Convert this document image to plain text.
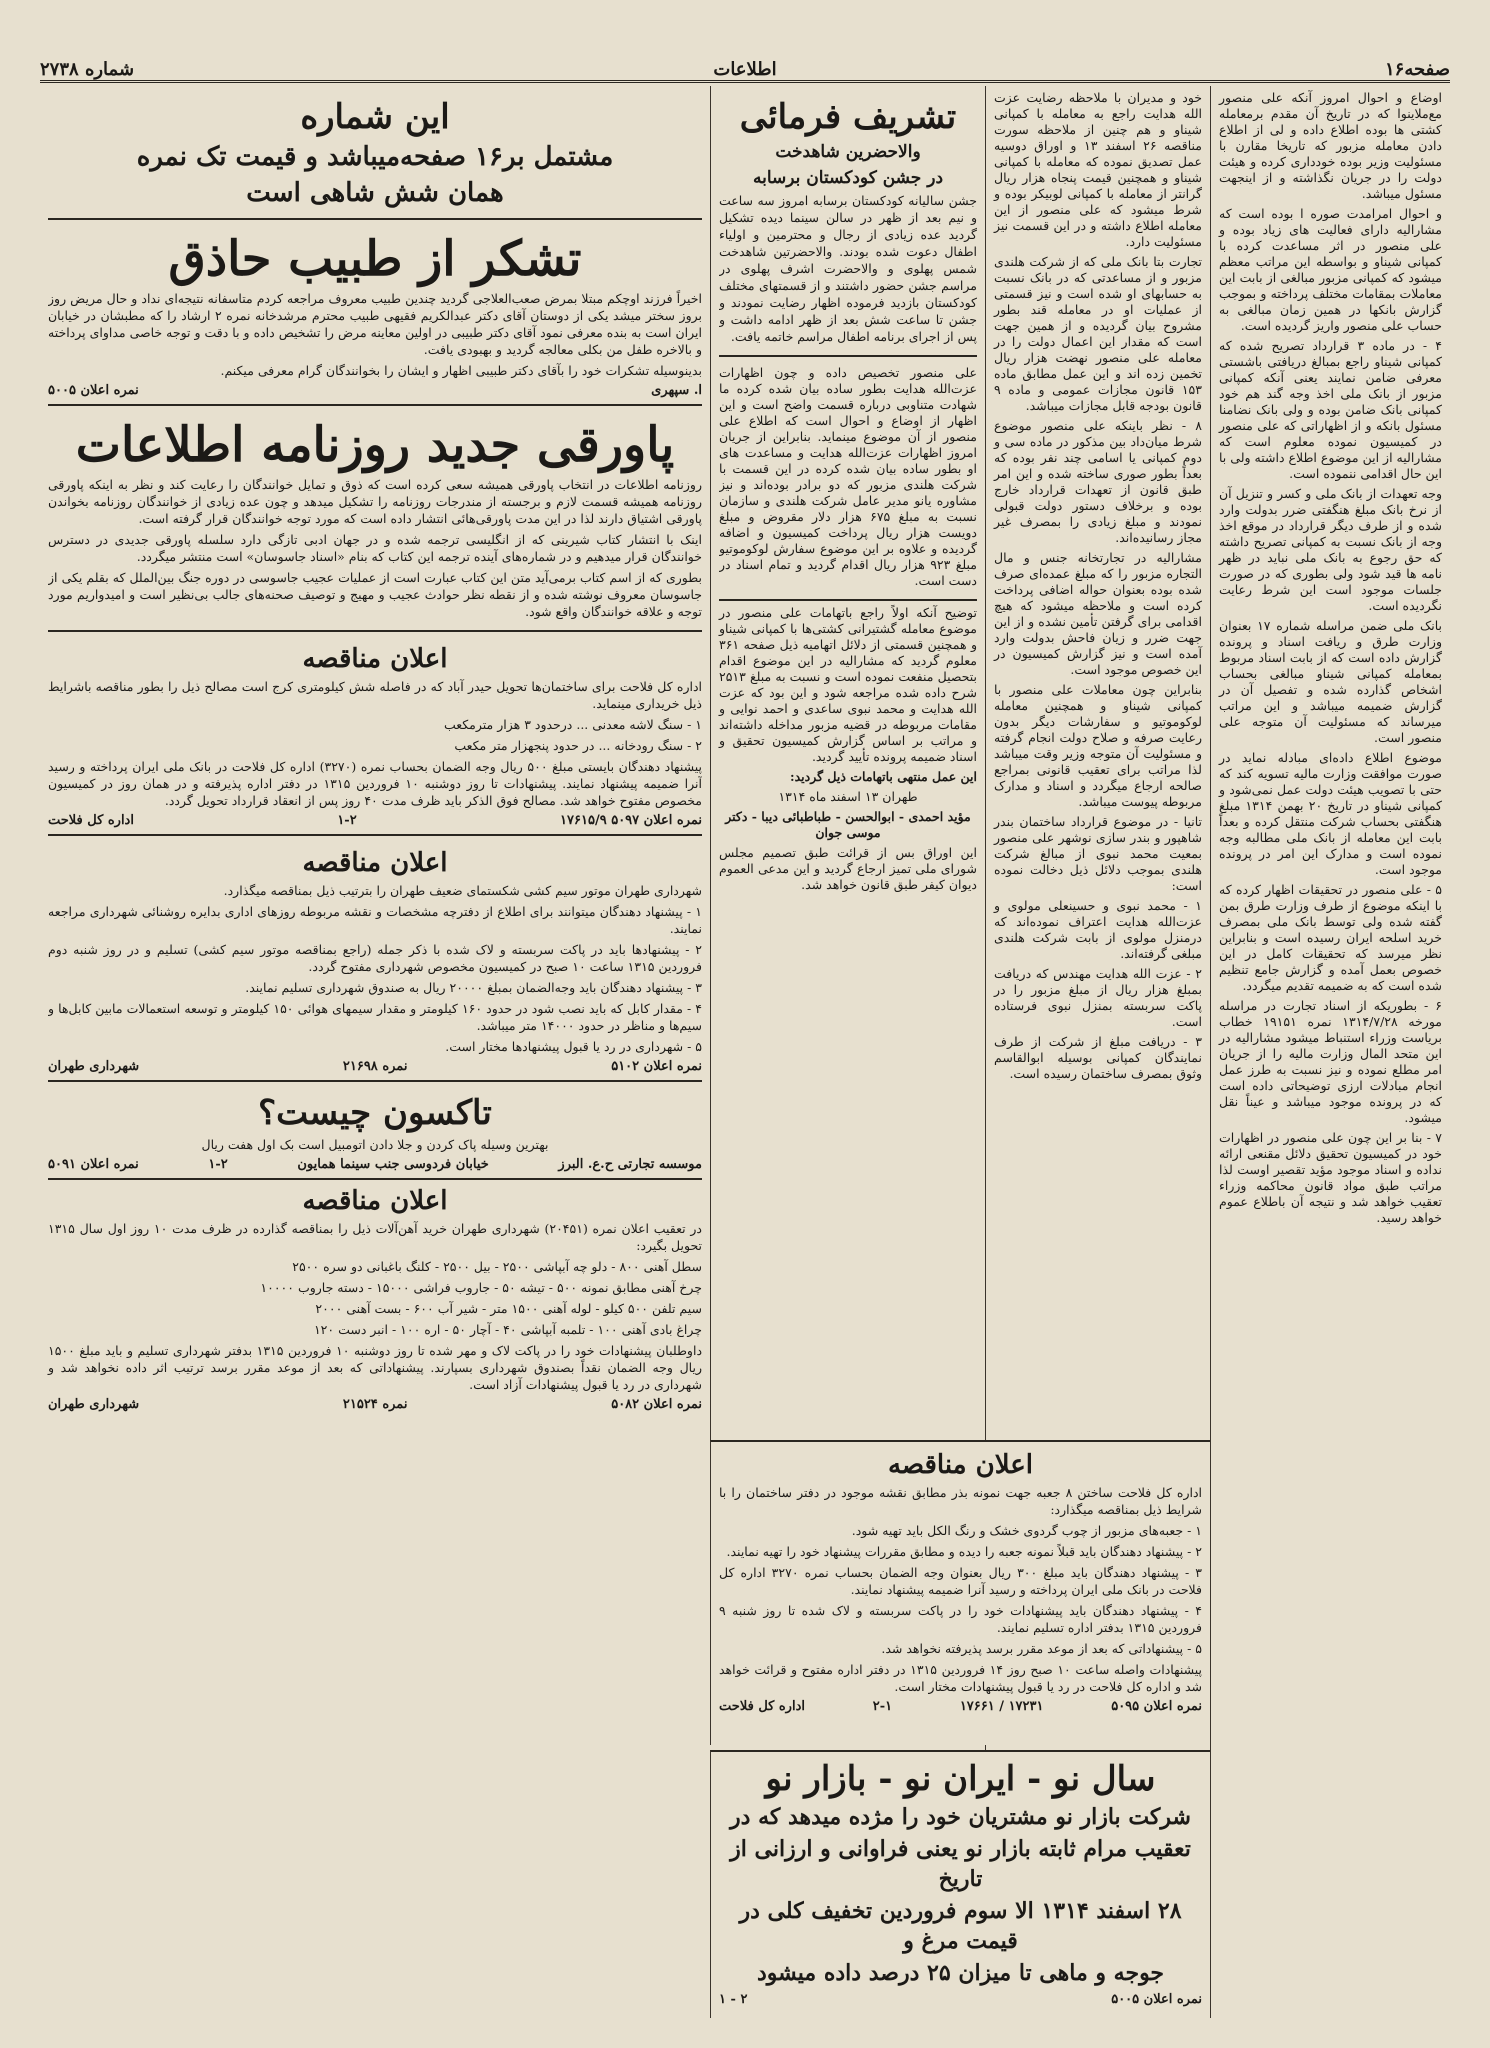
صفحه۱۶
اطلاعات
شماره ۲۷۳۸

اوضاع و احوال امروز آنکه علی منصور مع‌ملاینوا که در تاریخ آن مقدم برمعامله کشتی ها بوده اطلاع داده و لی از اطلاع دادن معامله مزبور که تاریخا مقارن با مسئولیت وزیر بوده خودداری کرده و هیئت دولت را در جریان نگذاشته و از اینجهت مسئول میباشد.

و احوال امرامدت صوره ا بوده است که مشارالیه دارای فعالیت های زیاد بوده و علی منصور در اثر مساعدت کرده با کمپانی شیناو و بواسطه این مراتب معظم میشود که کمپانی مزبور مبالغی از بابت این معاملات بمقامات مختلف پرداخته و بموجب گزارش بانکها در همین زمان مبالغی به حساب علی منصور واریز گردیده است.

۴ - در ماده ۳ قرارداد تصریح شده که کمپانی شیناو راجع بمبالغ دریافتی باشستی معرفی ضامن نمایند یعنی آنکه کمپانی مزبور از بانک ملی اخذ وجه گند هم خود کمپانی بانک ضامن بوده و ولی بانک نضامنا مسئول بانکه و از اظهاراتی که علی منصور در کمیسیون نموده معلوم است که مشارالیه از این موضوع اطلاع داشته ولی با این حال اقدامی ننموده است.

وجه تعهدات از بانک ملی و کسر و تنزیل آن از نرخ بانک مبلغ هنگفتی ضرر بدولت وارد شده و از طرف دیگر قرارداد در موقع اخذ وجه از بانک نسبت به کمپانی تصریح داشته که حق رجوع به بانک ملی نباید در ظهر نامه ها قید شود ولی بطوری که در صورت جلسات موجود است این شرط رعایت نگردیده است.

بانک ملی ضمن مراسله شماره ۱۷ بعنوان وزارت طرق و ریافت اسناد و پرونده گزارش داده است که از بابت اسناد مربوط بمعامله کمپانی شیناو مبالغی بحساب اشخاص گذارده شده و تفصیل آن در گزارش ضمیمه میباشد و این مراتب میرساند که مسئولیت آن متوجه علی منصور است.

موضوع اطلاع داده‌ای مبادله نماید در صورت موافقت وزارت مالیه تسویه کند که حتی با تصویب هیئت دولت عمل نمی‌شود و کمپانی شیناو در تاریخ ۲۰ بهمن ۱۳۱۴ مبلغ هنگفتی بحساب شرکت منتقل کرده و بعداً بابت این معامله از بانک ملی مطالبه وجه نموده است و مدارک این امر در پرونده موجود است.

۵ - علی منصور در تحقیقات اظهار کرده که با اینکه موضوع از طرف وزارت طرق بمن گفته شده ولی توسط بانک ملی بمصرف خرید اسلحه ایران رسیده است و بنابراین نظر میرسد که تحقیقات کامل در این خصوص بعمل آمده و گزارش جامع تنظیم شده است که به ضمیمه تقدیم میگردد.

۶ - بطوریکه از اسناد تجارت در مراسله مورخه ۱۳۱۴/۷/۲۸ نمره ۱۹۱۵۱ خطاب بریاست وزراء استنباط میشود مشارالیه در این متحد المال وزارت مالیه را از جریان امر مطلع نموده و نیز نسبت به طرز عمل انجام مبادلات ارزی توضیحاتی داده است که در پرونده موجود میباشد و عیناً نقل میشود.

۷ - بنا بر این چون علی منصور در اظهارات خود در کمیسیون تحقیق دلائل مقنعی ارائه نداده و اسناد موجود مؤید تقصیر اوست لذا مراتب طبق مواد قانون محاکمه وزراء تعقیب خواهد شد و نتیجه آن باطلاع عموم خواهد رسید.

خود و مدیران با ملاحظه رضایت عزت الله هدایت راجع به معامله با کمپانی شیناو و هم چنین از ملاحظه سورت مناقصه ۲۶ اسفند ۱۳ و اوراق دوسیه عمل تصدیق نموده که معامله با کمپانی شیناو و همچنین قیمت پنجاه هزار ریال گرانتر از معامله با کمپانی لوبیکر بوده و شرط میشود که علی منصور از این معامله اطلاع داشته و در این قسمت نیز مسئولیت دارد.

تجارت بتا بانک ملی که از شرکت هلندی مزبور و از مساعدتی که در بانک نسبت به حسابهای او شده است و نیز قسمتی از عملیات او در معامله قند بطور مشروح بیان گردیده و از همین جهت است که مقدار این اعمال دولت را در معامله علی منصور نهضت هزار ریال تخمین زده اند و این عمل مطابق ماده ۱۵۳ قانون مجازات عمومی و ماده ۹ قانون بودجه قابل مجازات میباشد.

۸ - نظر باینکه علی منصور موضوع شرط میان‌داد بین مذکور در ماده سی و دوم کمپانی یا اسامی چند نفر بوده که بعداً بطور صوری ساخته شده و این امر طبق قانون از تعهدات قرارداد خارج بوده و برخلاف دستور دولت قبولی نمودند و مبلغ زیادی را بمصرف غیر مجاز رسانیده‌اند.

مشارالیه در تجارتخانه جنس و مال التجاره مزبور را که مبلغ عمده‌ای صرف شده بوده بعنوان حواله اضافی پرداخت کرده است و ملاحظه میشود که هیچ اقدامی برای گرفتن تأمین نشده و از این جهت ضرر و زیان فاحش بدولت وارد آمده است و نیز گزارش کمیسیون در این خصوص موجود است.

بنابراین چون معاملات علی منصور با کمپانی شیناو و همچنین معامله لوکوموتیو و سفارشات دیگر بدون رعایت صرفه و صلاح دولت انجام گرفته و مسئولیت آن متوجه وزیر وقت میباشد لذا مراتب برای تعقیب قانونی بمراجع صالحه ارجاع میگردد و اسناد و مدارک مربوطه پیوست میباشد.

تانیا - در موضوع قرارداد ساختمان بندر شاهپور و بندر سازی نوشهر علی منصور بمعیت محمد نبوی از مبالغ شرکت هلندی بموجب دلائل ذیل دخالت نموده است:

۱ - محمد نبوی و حسینعلی مولوی و عزت‌الله هدایت اعتراف نموده‌اند که درمنزل مولوی از بابت شرکت هلندی مبلغی گرفته‌اند.

۲ - عزت الله هدایت مهندس که دریافت بمبلغ هزار ریال از مبلغ مزبور را در پاکت سربسته بمنزل نبوی فرستاده است.

۳ - دریافت مبلغ از شرکت از طرف نمایندگان کمپانی بوسیله ابوالقاسم وثوق بمصرف ساختمان رسیده است.

تشریف فرمائی
والاحضرین شاهدخت
در جشن کودکستان برسابه

جشن سالیانه کودکستان برسابه امروز سه ساعت و نیم بعد از ظهر در سالن سینما دیده تشکیل گردید عده زیادی از رجال و محترمین و اولیاء اطفال دعوت شده بودند. والاحضرتین شاهدخت شمس پهلوی و والاحضرت اشرف پهلوی در مراسم جشن حضور داشتند و از قسمتهای مختلف کودکستان بازدید فرموده اظهار رضایت نمودند و جشن تا ساعت شش بعد از ظهر ادامه داشت و پس از اجرای برنامه اطفال مراسم خاتمه یافت.

علی منصور تخصیص داده و چون اظهارات عزت‌الله هدایت بطور ساده بیان شده کرده ما شهادت متناوبی درباره قسمت واضح است و این اظهار از اوضاع و احوال است که اطلاع علی منصور از آن موضوع مینماید. بنابراین از جریان امروز اظهارات عزت‌الله هدایت و مساعدت های او بطور ساده بیان شده کرده در این قسمت با شرکت هلندی مزبور که دو برادر بوده‌اند و نیز مشاوره یانو مدیر عامل شرکت هلندی و سازمان نسبت به مبلغ ۶۷۵ هزار دلار مقروض و مبلغ دویست هزار ریال پرداخت کمیسیون و اضافه گردیده و علاوه بر این موضوع سفارش لوکوموتیو مبلغ ۹۲۳ هزار ریال اقدام گردید و تمام اسناد در دست است.

توضیح آنکه اولاً راجع باتهامات علی منصور در موضوع معامله گشتیرانی کشتی‌ها با کمپانی شیناو و همچنین قسمتی از دلائل اتهامیه ذیل صفحه ۳۶۱ معلوم گردید که مشارالیه در این موضوع اقدام بتحصیل منفعت نموده است و نسبت به مبلغ ۲۵۱۳ شرح داده شده مراجعه شود و این بود که عزت الله هدایت و محمد نبوی ساعدی و احمد نوایی و مقامات مربوطه در قضیه مزبور مداخله داشته‌اند و مراتب بر اساس گزارش کمیسیون تحقیق و اسناد ضمیمه پرونده تأیید گردید.

این عمل منتهی باتهامات ذیل گردید:

طهران ۱۳ اسفند ماه ۱۳۱۴

مؤید احمدی - ابوالحسن - طباطبائی دیبا - دکتر موسی جوان

این اوراق بس از قرائت طبق تصمیم مجلس شورای ملی تمیز ارجاع گردید و این مدعی العموم دیوان کیفر طبق قانون خواهد شد.

اعلان مناقصه

اداره کل فلاحت ساختن ۸ جعبه جهت نمونه بذر مطابق نقشه موجود در دفتر ساختمان را با شرایط ذیل بمناقصه میگذارد:

۱ - جعبه‌های مزبور از چوب گردوی خشک و رنگ الکل باید تهیه شود.

۲ - پیشنهاد دهندگان باید قبلاً نمونه جعبه را دیده و مطابق مقررات پیشنهاد خود را تهیه نمایند.

۳ - پیشنهاد دهندگان باید مبلغ ۳۰۰ ریال بعنوان وجه الضمان بحساب نمره ۳۲۷۰ اداره کل فلاحت در بانک ملی ایران پرداخته و رسید آنرا ضمیمه پیشنهاد نمایند.

۴ - پیشنهاد دهندگان باید پیشنهادات خود را در پاکت سربسته و لاک شده تا روز شنبه ۹ فروردین ۱۳۱۵ بدفتر اداره تسلیم نمایند.

۵ - پیشنهاداتی که بعد از موعد مقرر برسد پذیرفته نخواهد شد.

پیشنهادات واصله ساعت ۱۰ صبح روز ۱۴ فروردین ۱۳۱۵ در دفتر اداره مفتوح و قرائت خواهد شد و اداره کل فلاحت در رد یا قبول پیشنهادات مختار است.

نمره اعلان ۵۰۹۵
۱۷۲۳۱ / ۱۷۶۶۱
۲-۱
اداره کل فلاحت
سال نو - ایران نو - بازار نو
شرکت بازار نو مشتریان خود را مژده میدهد که در
تعقیب مرام ثابته بازار نو یعنی فراوانی و ارزانی از تاریخ
۲۸ اسفند ۱۳۱۴ الا سوم فروردین تخفیف کلی در قیمت مرغ و
جوجه و ماهی تا میزان ۲۵ درصد داده میشود
نمره اعلان ۵۰۰۵
۲ - ۱
این شماره
مشتمل بر۱۶ صفحه‌میباشد و قیمت تک نمره
همان شش شاهی است
تشکر از طبیب حاذق

اخیراً فرزند اوچکم مبتلا بمرض صعب‌العلاجی گردید چندین طبیب معروف مراجعه کردم متاسفانه نتیجه‌ای نداد و حال مریض روز بروز سختر میشد یکی از دوستان آقای دکتر عبدالکریم فقیهی طبیب محترم مرشدخانه نمره ۲ ارشاد را که مطبشان در خیابان ایران است به بنده معرفی نمود آقای دکتر طبیبی در اولین معاینه مرض را تشخیص داده و با دقت و توجه خاصی مداوای پرداخته و بالاخره طفل من بکلی معالجه گردید و بهبودی یافت.

بدینوسیله تشکرات خود را بآقای دکتر طبیبی اظهار و ایشان را بخوانندگان گرام معرفی میکنم.

ا. سپهری
نمره اعلان ۵۰۰۵
پاورقی جدید روزنامه اطلاعات

روزنامه اطلاعات در انتخاب پاورقی همیشه سعی کرده است که ذوق و تمایل خوانندگان را رعایت کند و نظر به اینکه پاورقی روزنامه همیشه قسمت لازم و برجسته از مندرجات روزنامه را تشکیل میدهد و چون عده زیادی از خوانندگان روزنامه بخواندن پاورقی اشتیاق دارند لذا در این مدت پاورقی‌هائی انتشار داده است که مورد توجه خوانندگان قرار گرفته است.

اینک با انتشار کتاب شیرینی که از انگلیسی ترجمه شده و در جهان ادبی تازگی دارد سلسله پاورقی جدیدی در دسترس خوانندگان قرار میدهیم و در شماره‌های آینده ترجمه این کتاب که بنام «اسناد جاسوسان» است منتشر میگردد.

بطوری که از اسم کتاب برمی‌آید متن این کتاب عبارت است از عملیات عجیب جاسوسی در دوره جنگ بین‌الملل که بقلم یکی از جاسوسان معروف نوشته شده و از نقطه نظر حوادث عجیب و مهیج و توصیف صحنه‌های جالب بی‌نظیر است و امیدواریم مورد توجه و علاقه خوانندگان واقع شود.

اعلان مناقصه

اداره کل فلاحت برای ساختمان‌ها تحویل حیدر آباد که در فاصله شش کیلومتری کرج است مصالح ذیل را بطور مناقصه باشرایط ذیل خریداری مینماید.

۱ - سنگ لاشه معدنی ... درحدود ۳ هزار مترمکعب

۲ - سنگ رودخانه ... در حدود پنجهزار متر مکعب

پیشنهاد دهندگان بایستی مبلغ ۵۰۰ ریال وجه الضمان بحساب نمره (۳۲۷۰) اداره کل فلاحت در بانک ملی ایران پرداخته و رسید آنرا ضمیمه پیشنهاد نمایند. پیشنهادات تا روز دوشنبه ۱۰ فروردین ۱۳۱۵ در دفتر اداره پذیرفته و در همان روز در کمیسیون مخصوص مفتوح خواهد شد. مصالح فوق الذکر باید ظرف مدت ۴۰ روز پس از انعقاد قرارداد تحویل گردد.

نمره اعلان ۵۰۹۷ ۱۷۶۱۵/۹
۱-۲
اداره کل فلاحت
اعلان مناقصه

شهرداری طهران موتور سیم کشی شکستمای ضعیف طهران را بترتیب ذیل بمناقصه میگذارد.

۱ - پیشنهاد دهندگان میتوانند برای اطلاع از دفترچه مشخصات و نقشه مربوطه روزهای اداری بدایره روشنائی شهرداری مراجعه نمایند.

۲ - پیشنهادها باید در پاکت سربسته و لاک شده با ذکر جمله (راجع بمناقصه موتور سیم کشی) تسلیم و در روز شنبه دوم فروردین ۱۳۱۵ ساعت ۱۰ صبح در کمیسیون مخصوص شهرداری مفتوح گردد.

۳ - پیشنهاد دهندگان باید وجه‌الضمان بمبلغ ۲۰۰۰۰ ریال به صندوق شهرداری تسلیم نمایند.

۴ - مقدار کابل که باید نصب شود در حدود ۱۶۰ کیلومتر و مقدار سیمهای هوائی ۱۵۰ کیلومتر و توسعه استعمالات مابین کابل‌ها و سیم‌ها و مناظر در حدود ۱۴۰۰۰ متر میباشد.

۵ - شهرداری در رد یا قبول پیشنهادها مختار است.

نمره اعلان ۵۱۰۲
نمره ۲۱۶۹۸
شهرداری طهران
تاکسون چیست؟

بهترین وسیله پاک کردن و جلا دادن اتومبیل است بک اول هفت ریال

موسسه تجارتی ح.ع. البرز
خیابان فردوسی جنب سینما همایون
۱-۲
نمره اعلان ۵۰۹۱
اعلان مناقصه

در تعقیب اعلان نمره (۲۰۴۵۱) شهرداری طهران خرید آهن‌آلات ذیل را بمناقصه گذارده در ظرف مدت ۱۰ روز اول سال ۱۳۱۵ تحویل بگیرد:

سطل آهنی ۸۰۰ - دلو چه آبپاشی ۲۵۰۰ - بیل ۲۵۰۰ - کلنگ باغبانی دو سره ۲۵۰۰

چرخ آهنی مطابق نمونه ۵۰۰ - تیشه ۵۰ - جاروب فراشی ۱۵۰۰۰ - دسته جاروب ۱۰۰۰۰

سیم تلفن ۵۰۰ کیلو - لوله آهنی ۱۵۰۰ متر - شیر آب ۶۰۰ - بست آهنی ۲۰۰۰

چراغ بادی آهنی ۱۰۰ - تلمبه آبپاشی ۴۰ - آچار ۵۰ - اره ۱۰۰ - انبر دست ۱۲۰

داوطلبان پیشنهادات خود را در پاکت لاک و مهر شده تا روز دوشنبه ۱۰ فروردین ۱۳۱۵ بدفتر شهرداری تسلیم و باید مبلغ ۱۵۰۰ ریال وجه الضمان نقداً بصندوق شهرداری بسپارند. پیشنهاداتی که بعد از موعد مقرر برسد ترتیب اثر داده نخواهد شد و شهرداری در رد یا قبول پیشنهادات آزاد است.

نمره اعلان ۵۰۸۲
نمره ۲۱۵۲۴
شهرداری طهران
